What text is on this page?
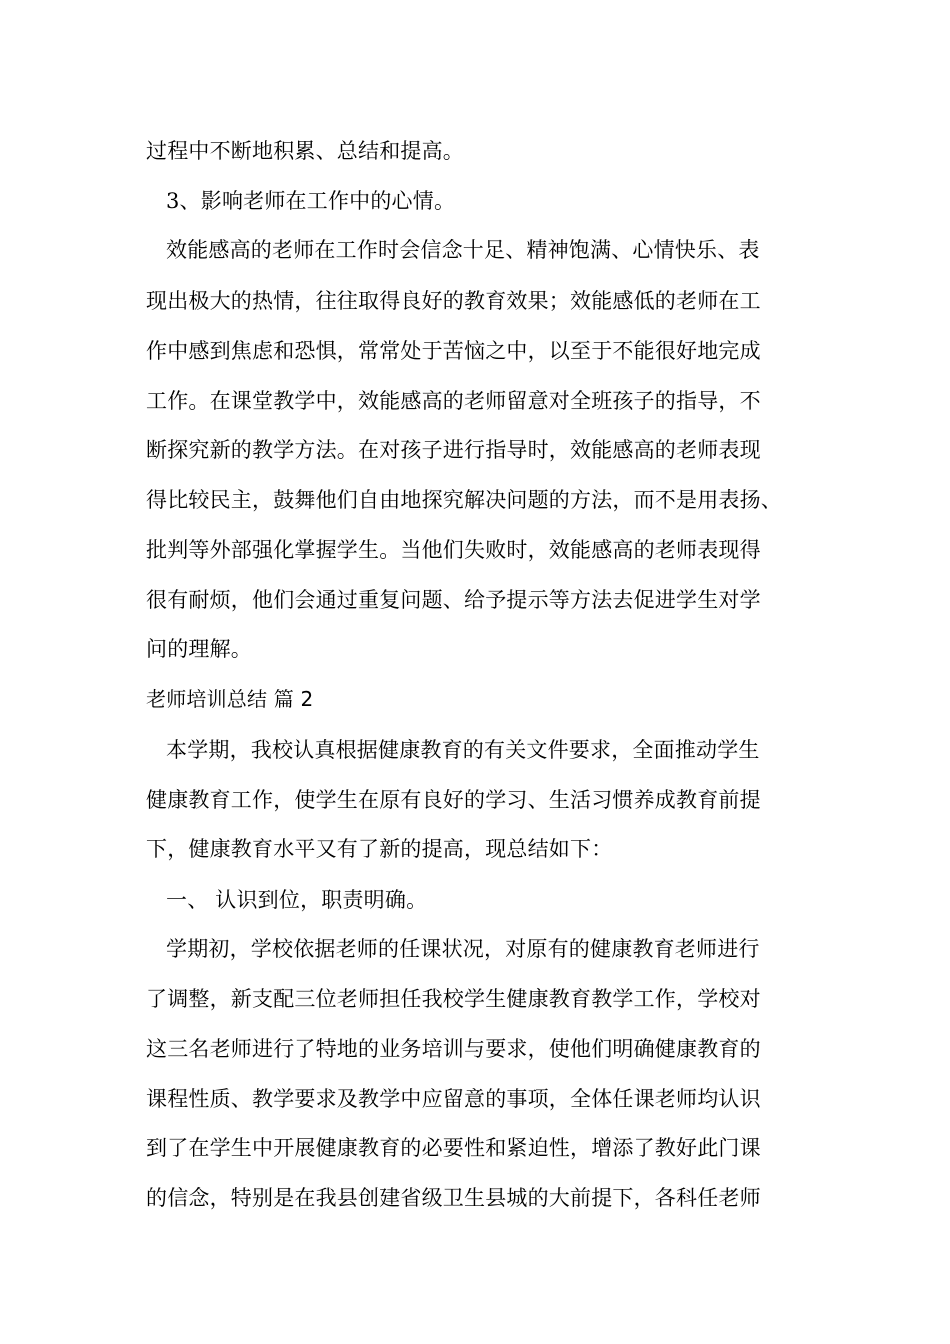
过程中不断地积累、总结和提高。
3、影响老师在工作中的心情。
效能感高的老师在工作时会信念十足、精神饱满、心情快乐、表
现出极大的热情，往往取得良好的教育效果；效能感低的老师在工
作中感到焦虑和恐惧，常常处于苦恼之中，以至于不能很好地完成
工作。在课堂教学中，效能感高的老师留意对全班孩子的指导，不
断探究新的教学方法。在对孩子进行指导时，效能感高的老师表现
得比较民主，鼓舞他们自由地探究解决问题的方法，而不是用表扬、
批判等外部强化掌握学生。当他们失败时，效能感高的老师表现得
很有耐烦，他们会通过重复问题、给予提示等方法去促进学生对学
问的理解。
老师培训总结 篇 2
本学期，我校认真根据健康教育的有关文件要求，全面推动学生
健康教育工作，使学生在原有良好的学习、生活习惯养成教育前提
下，健康教育水平又有了新的提高，现总结如下：
一、 认识到位，职责明确。
学期初，学校依据老师的任课状况，对原有的健康教育老师进行
了调整，新支配三位老师担任我校学生健康教育教学工作，学校对
这三名老师进行了特地的业务培训与要求，使他们明确健康教育的
课程性质、教学要求及教学中应留意的事项，全体任课老师均认识
到了在学生中开展健康教育的必要性和紧迫性，增添了教好此门课
的信念，特别是在我县创建省级卫生县城的大前提下，各科任老师
